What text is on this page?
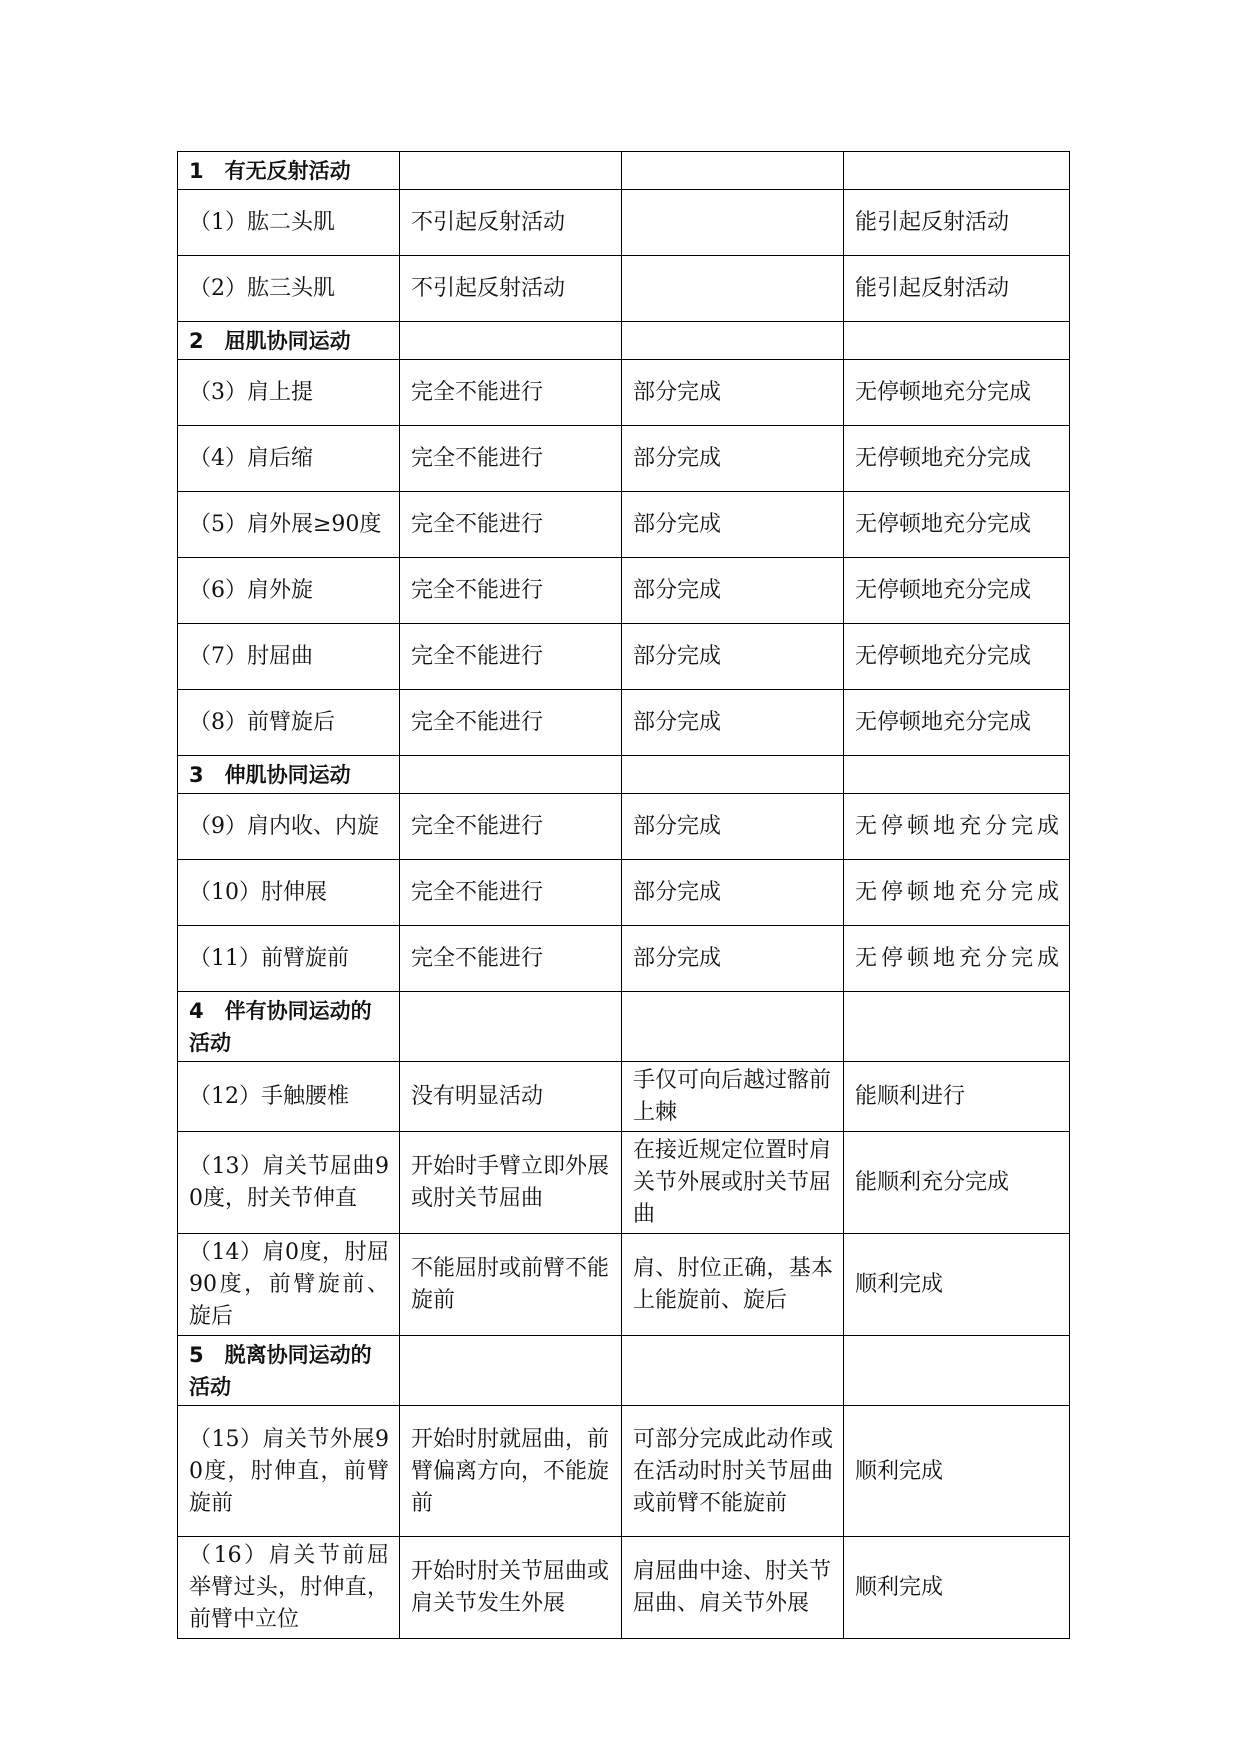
1　有无反射活动			
（1）肱二头肌	不引起反射活动		能引起反射活动
（2）肱三头肌	不引起反射活动		能引起反射活动
2　屈肌协同运动			
（3）肩上提	完全不能进行	部分完成	无停顿地充分完成
（4）肩后缩	完全不能进行	部分完成	无停顿地充分完成
（5）肩外展≥90度	完全不能进行	部分完成	无停顿地充分完成
（6）肩外旋	完全不能进行	部分完成	无停顿地充分完成
（7）肘屈曲	完全不能进行	部分完成	无停顿地充分完成
（8）前臂旋后	完全不能进行	部分完成	无停顿地充分完成
3　伸肌协同运动			
（9）肩内收、内旋	完全不能进行	部分完成	无停顿地充分完成
（10）肘伸展	完全不能进行	部分完成	无停顿地充分完成
（11）前臂旋前	完全不能进行	部分完成	无停顿地充分完成
4　伴有协同运动的活动			
（12）手触腰椎	没有明显活动	手仅可向后越过髂前上棘	能顺利进行
（13）肩关节屈曲90度，肘关节伸直	开始时手臂立即外展或肘关节屈曲	在接近规定位置时肩关节外展或肘关节屈曲	能顺利充分完成
（14）肩0度，肘屈90度，前臂旋前、旋后	不能屈肘或前臂不能旋前	肩、肘位正确，基本上能旋前、旋后	顺利完成
5　脱离协同运动的活动			
（15）肩关节外展90度，肘伸直，前臂旋前	开始时肘就屈曲，前臂偏离方向，不能旋前	可部分完成此动作或在活动时肘关节屈曲或前臂不能旋前	顺利完成
（16）肩关节前屈举臂过头，肘伸直，前臂中立位	开始时肘关节屈曲或肩关节发生外展	肩屈曲中途、肘关节屈曲、肩关节外展	顺利完成
